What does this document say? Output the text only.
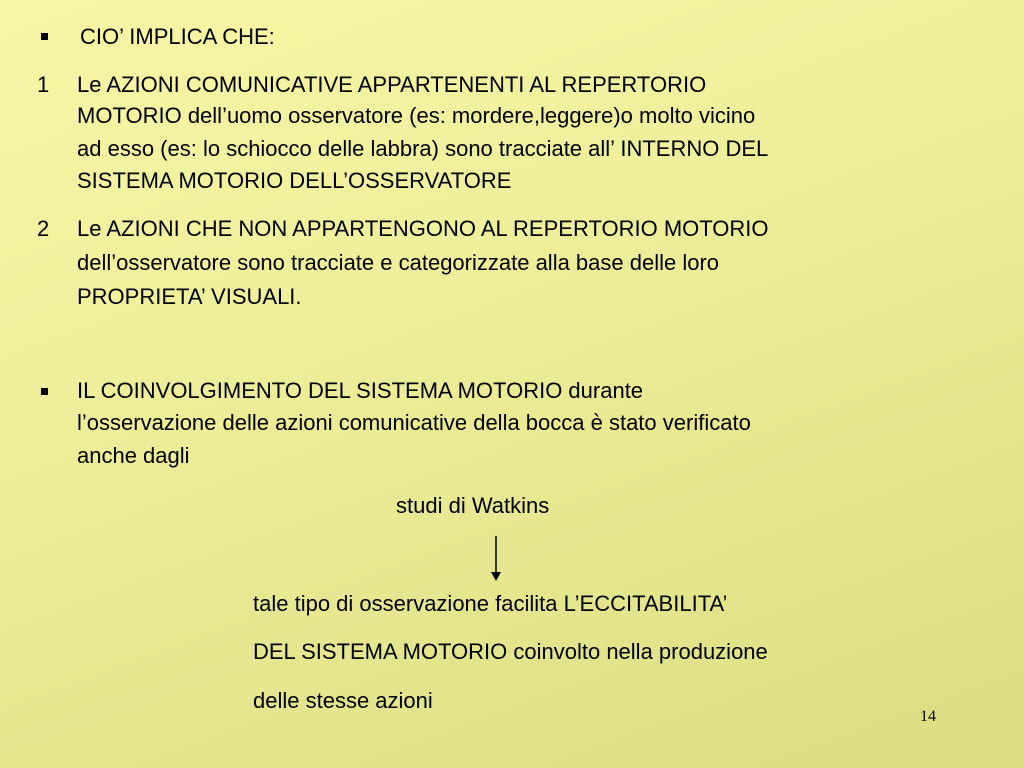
CIO’ IMPLICA CHE:
1 Le AZIONI COMUNICATIVE APPARTENENTI AL REPERTORIO
MOTORIO dell’uomo osservatore (es: mordere,leggere)o molto vicino
ad esso (es: lo schiocco delle labbra) sono tracciate all’ INTERNO DEL
SISTEMA MOTORIO DELL’OSSERVATORE
2 Le AZIONI CHE NON APPARTENGONO AL REPERTORIO MOTORIO
dell’osservatore sono tracciate e categorizzate alla base delle loro
PROPRIETA’ VISUALI.
IL COINVOLGIMENTO DEL SISTEMA MOTORIO durante
l’osservazione delle azioni comunicative della bocca è stato verificato
anche dagli
studi di Watkins
tale tipo di osservazione facilita L’ECCITABILITA’
DEL SISTEMA MOTORIO coinvolto nella produzione
delle stesse azioni
14
